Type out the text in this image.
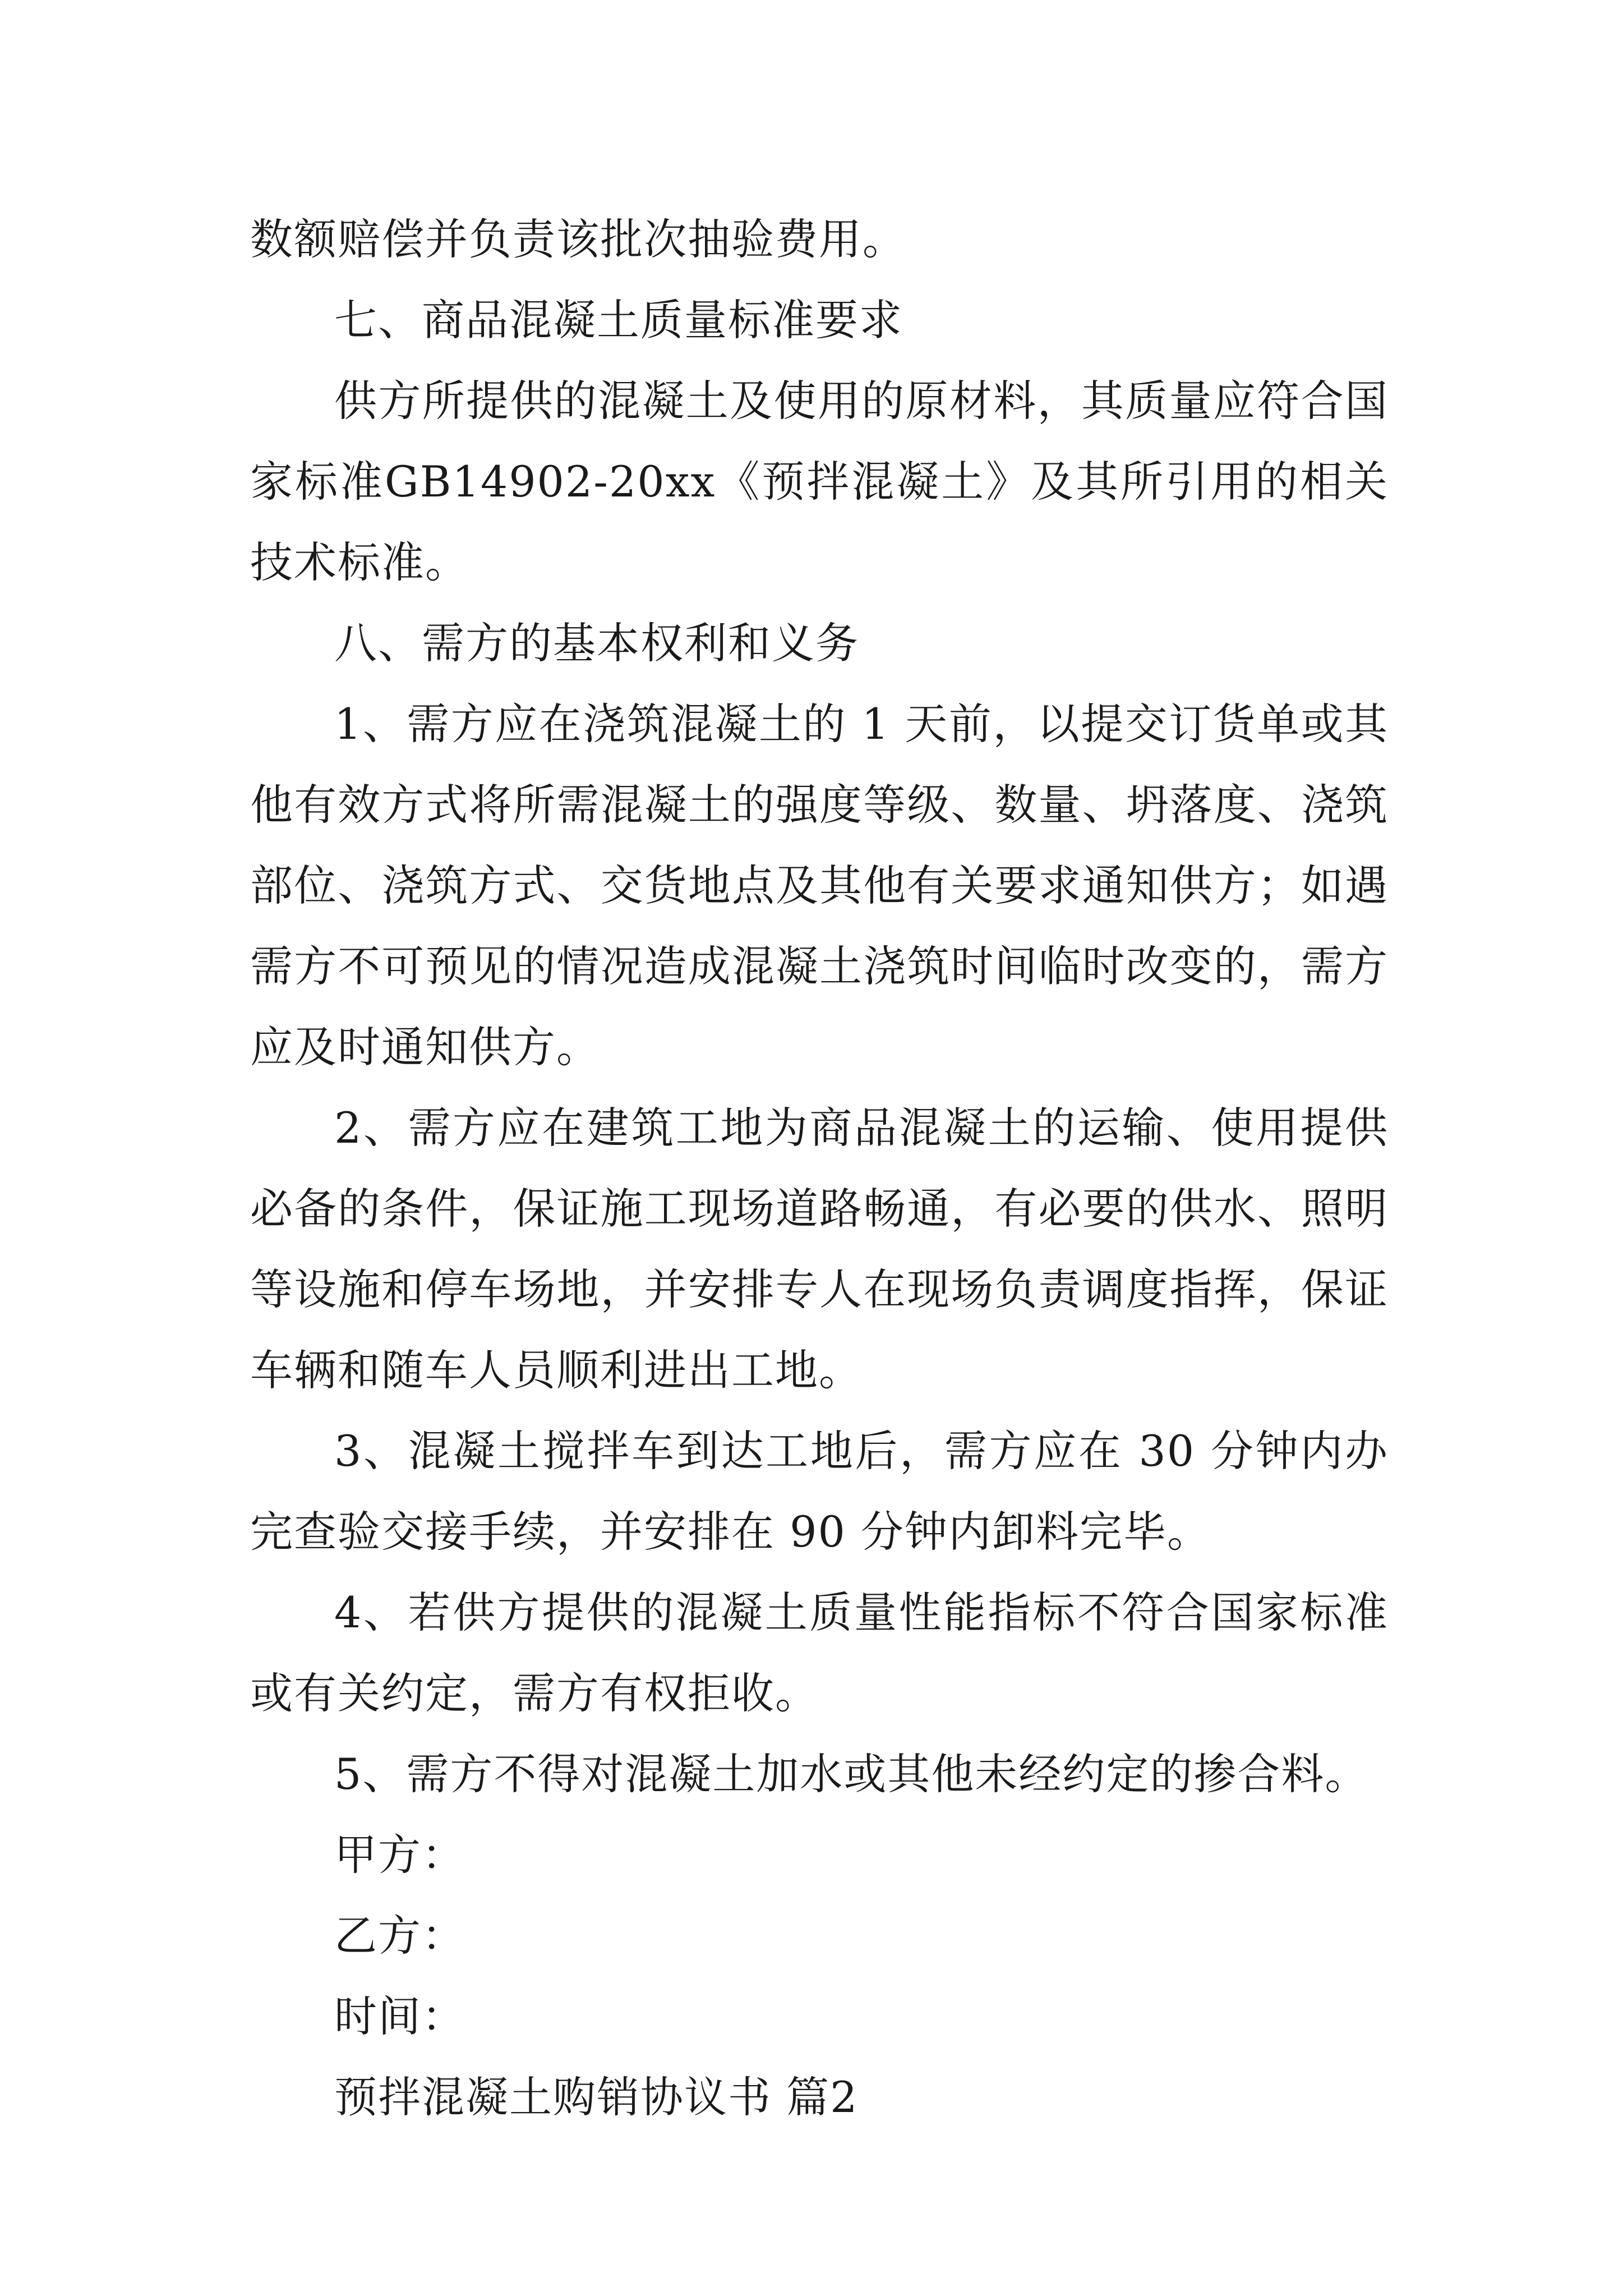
数额赔偿并负责该批次抽验费用。

七、商品混凝土质量标准要求

供方所提供的混凝土及使用的原材料，其质量应符合国家标准GB14902-20xx《预拌混凝土》及其所引用的相关技术标准。

八、需方的基本权利和义务

1、需方应在浇筑混凝土的 1 天前，以提交订货单或其他有效方式将所需混凝土的强度等级、数量、坍落度、浇筑部位、浇筑方式、交货地点及其他有关要求通知供方；如遇需方不可预见的情况造成混凝土浇筑时间临时改变的，需方应及时通知供方。

2、需方应在建筑工地为商品混凝土的运输、使用提供必备的条件，保证施工现场道路畅通，有必要的供水、照明等设施和停车场地，并安排专人在现场负责调度指挥，保证车辆和随车人员顺利进出工地。

3、混凝土搅拌车到达工地后，需方应在 30 分钟内办完查验交接手续，并安排在 90 分钟内卸料完毕。

4、若供方提供的混凝土质量性能指标不符合国家标准或有关约定，需方有权拒收。

5、需方不得对混凝土加水或其他未经约定的掺合料。

甲方：

乙方：

时间：

预拌混凝土购销协议书 篇2
